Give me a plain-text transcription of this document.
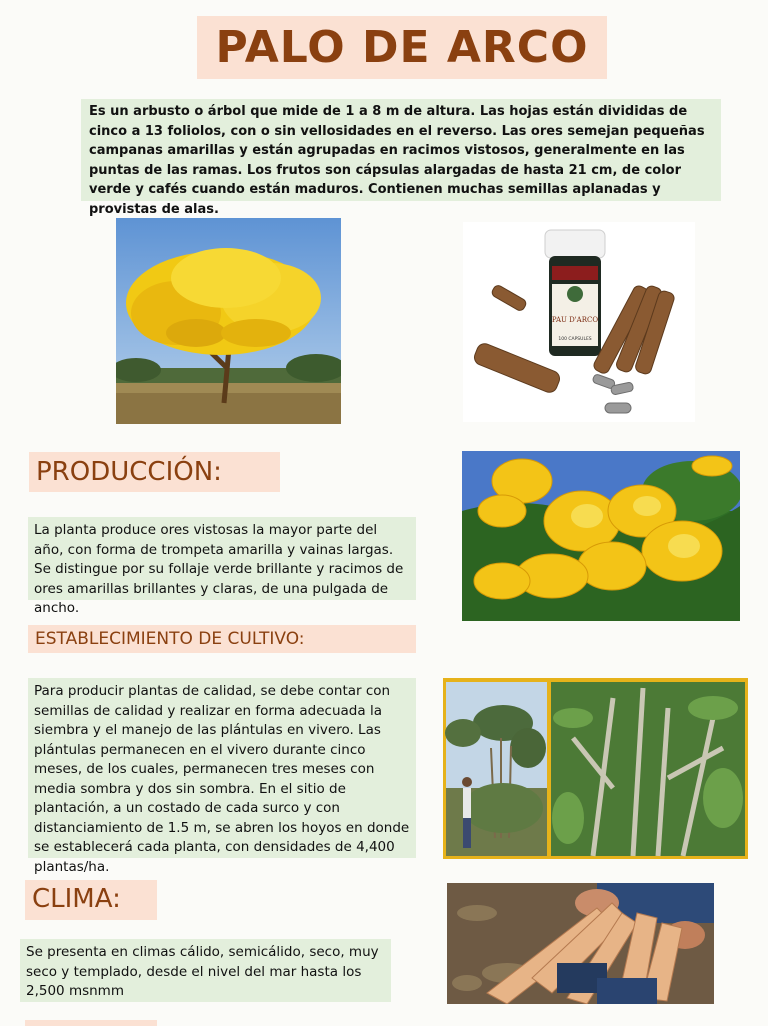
PALO DE ARCO
Es un arbusto o árbol que mide de 1 a 8 m de altura. Las hojas están divididas de cinco a 13 foliolos, con o sin vellosidades en el reverso. Las ores semejan pequeñas campanas amarillas y están agrupadas en racimos vistosos, generalmente en las puntas de las ramas. Los frutos son cápsulas alargadas de hasta 21 cm, de color verde y cafés cuando están maduros. Contienen muchas semillas aplanadas y provistas de alas.
PAU D'ARCO
100 CAPSULES
PRODUCCIÓN:
La planta produce ores vistosas la mayor parte del año, con forma de trompeta amarilla y vainas largas. Se distingue por su follaje verde brillante y racimos de ores amarillas brillantes y claras, de una pulgada de ancho.
ESTABLECIMIENTO DE CULTIVO:
Para producir plantas de calidad, se debe contar con semillas de calidad y realizar en forma adecuada la siembra y el manejo de las plántulas en vivero. Las plántulas permanecen en el vivero durante cinco meses, de los cuales, permanecen tres meses con media sombra y dos sin sombra. En el sitio de plantación, a un costado de cada surco y con distanciamiento de 1.5 m, se abren los hoyos en donde se establecerá cada planta, con densidades de 4,400 plantas/ha.
CLIMA:
Se presenta en climas cálido, semicálido, seco, muy seco y templado, desde el nivel del mar hasta los 2,500 msnmm
